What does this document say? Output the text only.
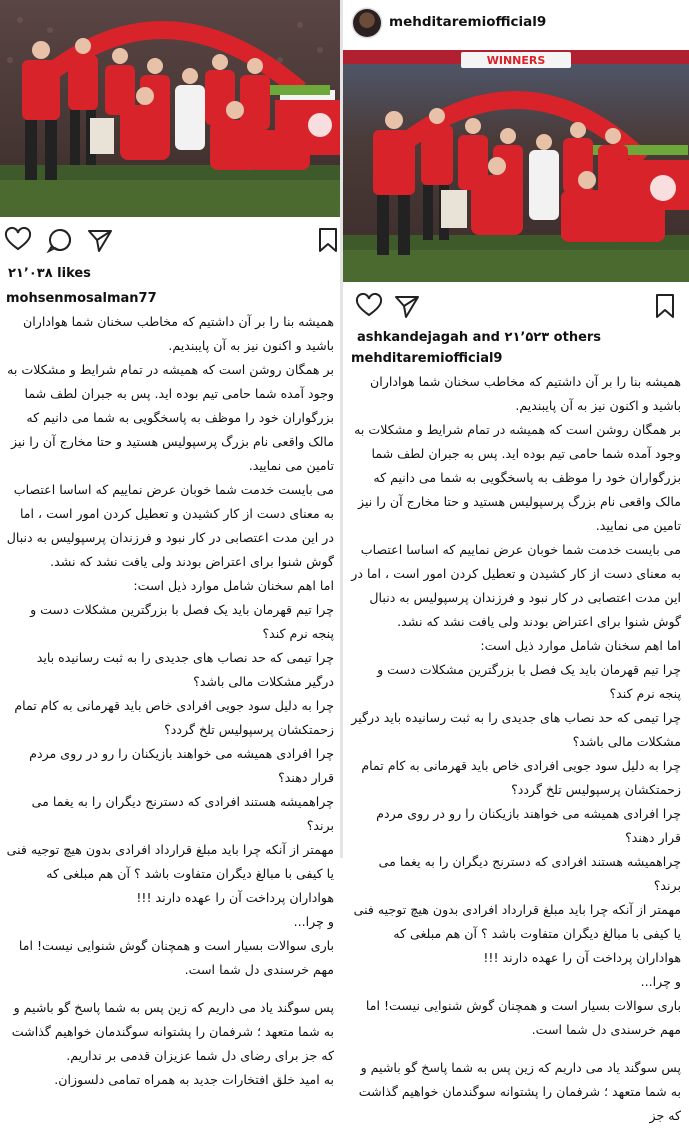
۲۱٬۰۳۸ likes
mohsenmosalman77

همیشه بنا را بر آن داشتیم که مخاطب سخنان شما هواداران باشید و اکنون نیز به آن پایبندیم.

بر همگان روشن است که همیشه در تمام شرایط و مشکلات به وجود آمده شما حامی تیم بوده اید. پس به جبران لطف شما بزرگواران خود را موظف به پاسخگویی به شما می دانیم که مالک واقعی نام بزرگ پرسپولیس هستید و حتا مخارج آن را نیز تامین می نمایید.

می بایست خدمت شما خوبان عرض نماییم که اساسا اعتصاب به معنای دست از کار کشیدن و تعطیل کردن امور است ، اما در این مدت اعتصابی در کار نبود و فرزندان پرسپولیس به دنبال گوش شنوا برای اعتراض بودند ولی یافت نشد که نشد.

اما اهم سخنان شامل موارد ذیل است:

چرا تیم قهرمان باید یک فصل با بزرگترین مشکلات دست و پنجه نرم کند؟

چرا تیمی که حد نصاب های جدیدی را به ثبت رسانیده باید درگیر مشکلات مالی باشد؟

چرا به دلیل سود جویی افرادی خاص باید قهرمانی به کام تمام زحمتکشان پرسپولیس تلخ گردد؟

چرا افرادی همیشه می خواهند بازیکنان را رو در روی مردم قرار دهند؟

چراهمیشه هستند افرادی که دسترنج دیگران را به یغما می برند؟

مهمتر از آنکه چرا باید مبلغ قرارداد افرادی بدون هیچ توجیه فنی یا کیفی با مبالغ دیگران متفاوت باشد ؟ آن هم مبلغی که هواداران پرداخت آن را عهده دارند !!!

و چرا...

باری سوالات بسیار است و همچنان گوش شنوایی نیست! اما مهم خرسندی دل شما است.

پس سوگند یاد می داریم که زین پس به شما پاسخ گو باشیم و به شما متعهد ؛ شرفمان را پشتوانه سوگندمان خواهیم گذاشت که جز برای رضای دل شما عزیزان قدمی بر نداریم.

به امید خلق افتخارات جدید به همراه تمامی دلسوزان.

mehditaremiofficial9
WINNERS
ashkandejagah and ۲۱٬۵۲۳ others
mehditaremiofficial9

همیشه بنا را بر آن داشتیم که مخاطب سخنان شما هواداران باشید و اکنون نیز به آن پایبندیم.

بر همگان روشن است که همیشه در تمام شرایط و مشکلات به وجود آمده شما حامی تیم بوده اید. پس به جبران لطف شما بزرگواران خود را موظف به پاسخگویی به شما می دانیم که مالک واقعی نام بزرگ پرسپولیس هستید و حتا مخارج آن را نیز تامین می نمایید.

می بایست خدمت شما خوبان عرض نماییم که اساسا اعتصاب به معنای دست از کار کشیدن و تعطیل کردن امور است ، اما در این مدت اعتصابی در کار نبود و فرزندان پرسپولیس به دنبال گوش شنوا برای اعتراض بودند ولی یافت نشد که نشد.

اما اهم سخنان شامل موارد ذیل است:

چرا تیم قهرمان باید یک فصل با بزرگترین مشکلات دست و پنجه نرم کند؟

چرا تیمی که حد نصاب های جدیدی را به ثبت رسانیده باید درگیر مشکلات مالی باشد؟

چرا به دلیل سود جویی افرادی خاص باید قهرمانی به کام تمام زحمتکشان پرسپولیس تلخ گردد؟

چرا افرادی همیشه می خواهند بازیکنان را رو در روی مردم قرار دهند؟

چراهمیشه هستند افرادی که دسترنج دیگران را به یغما می برند؟

مهمتر از آنکه چرا باید مبلغ قرارداد افرادی بدون هیچ توجیه فنی یا کیفی با مبالغ دیگران متفاوت باشد ؟ آن هم مبلغی که هواداران پرداخت آن را عهده دارند !!!

و چرا...

باری سوالات بسیار است و همچنان گوش شنوایی نیست! اما مهم خرسندی دل شما است.

پس سوگند یاد می داریم که زین پس به شما پاسخ گو باشیم و به شما متعهد ؛ شرفمان را پشتوانه سوگندمان خواهیم گذاشت که جز
